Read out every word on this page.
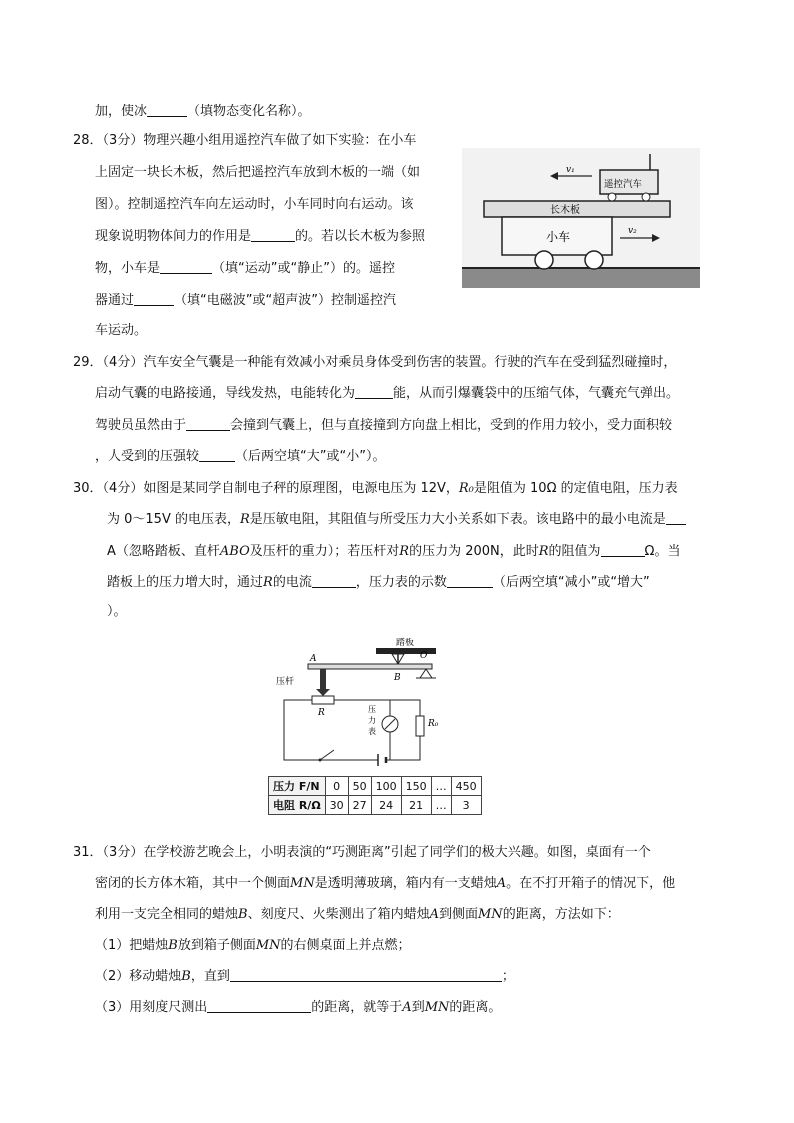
加，使冰	（填物态变化名称）。
28．（3分）物理兴趣小组用遥控汽车做了如下实验：在小车
上固定一块长木板，然后把遥控汽车放到木板的一端（如
图）。控制遥控汽车向左运动时，小车同时向右运动。该
现象说明物体间力的作用是	的。若以长木板为参照
物，小车是	（填“运动”或“静止”）的。遥控
器通过	（填“电磁波”或“超声波”）控制遥控汽
车运动。
长木板
遥控汽车
v₁
小车	v₂
29．（4分）汽车安全气囊是一种能有效减小对乘员身体受到伤害的装置。行驶的汽车在受到猛烈碰撞时，
启动气囊的电路接通，导线发热，电能转化为	能，从而引爆囊袋中的压缩气体，气囊充气弹出。
驾驶员虽然由于	会撞到气囊上，但与直接撞到方向盘上相比，受到的作用力较小，受力面积较
，人受到的压强较	（后两空填“大”或“小”）。
30．（4分）如图是某同学自制电子秤的原理图，电源电压为 12V，R₀是阻值为 10Ω 的定值电阻，压力表
为 0～15V 的电压表，R是压敏电阻，其阻值与所受压力大小关系如下表。该电路中的最小电流是
A（忽略踏板、直杆ABO及压杆的重力）；若压杆对R的压力为 200N，此时R的阻值为	Ω。当
踏板上的压力增大时，通过R的电流	，压力表的示数	（后两空填“减小”或“增大”
）。
踏板
A
B
O
压杆
R	压
力
表
R₀
压力 F/N	0	50	100	150	…	450
电阻 R/Ω	30	27	24	21	…	3
31．（3分）在学校游艺晚会上，小明表演的“巧测距离”引起了同学们的极大兴趣。如图，桌面有一个
密闭的长方体木箱，其中一个侧面MN是透明薄玻璃，箱内有一支蜡烛A。在不打开箱子的情况下，他
利用一支完全相同的蜡烛B、刻度尺、火柴测出了箱内蜡烛A到侧面MN的距离，方法如下：
（1）把蜡烛B放到箱子侧面MN的右侧桌面上并点燃；
（2）移动蜡烛B，直到	；
（3）用刻度尺测出	的距离，就等于A到MN的距离。
